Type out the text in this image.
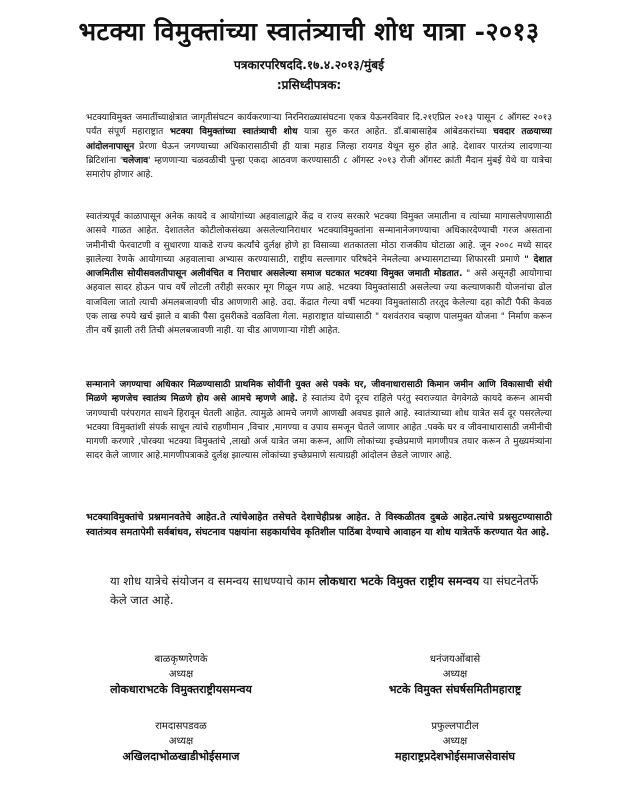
भटक्या विमुक्तांच्या स्वातंत्र्याची शोध यात्रा -२०१३
पत्रकारपरिषददि.१७.४.२०१३/मुंबई
:प्रसिध्दीपत्रक:

भटक्याविमुक्त जमातींच्याक्षेत्रात जागृतीसंघटन कार्यकरणाऱ्या निरनिराळ्यासंघटना एकत्र येऊनरविवार दि.२१एप्रिल २०१३ पासून ८ ऑगस्ट २०१३ पर्यंत संपूर्ण महाराष्ट्रात भटक्या विमुक्तांच्या स्वातंत्र्याची शोध यात्रा सुरु करत आहेत. डॉ.बाबासाहेब आंबेडकरांच्या चवदार तळयाच्या आंदोलनापासून प्रेरणा घेऊन जगण्याच्या अधिकारासाठीची ही यात्रा महाड जिल्हा रायगड येथून सुरु होत आहे. देशावर पारतंत्र्य लादणाऱ्या ब्रिटिशांना 'चलेजाव' म्हणणाऱ्या चळवळीची पुन्हा एकदा आठवण करण्यासाठी ८ ऑगस्ट २०१३ रोजी ऑगस्ट क्रांती मैदान मुंबई येथे या यात्रेचा समारोप होणार आहे.

स्वातंत्र्यपूर्व काळापासून अनेक कायदे व आयोगांच्या अहवालाद्वारे केंद्र व राज्य सरकारे भटक्या विमुक्त जमातीना व त्यांच्या मागासलेपणासाठी आसवे गाळत आहेत. देशातलेत कोटीलोकसंख्या असलेल्यानिराधार भटक्याविमुक्तांना सन्मानानेजगण्याचा अधिकारदेण्याची गरज असताना जमीनीची फेरवाटणी व सुधारणा याकडे राज्य कर्त्यांचे दुर्लक्ष होणे हा विसाव्या शतकातला मोठा राजकीय घोटाळा आहे. जून २००८ मध्ये सादर झालेल्या रेणके आयोगाच्या अहवालाचा अभ्यास करण्यासाठी, राष्ट्रीय सल्लागार परिषदेने नेमलेल्या अभ्यासगटाच्या शिफारसी प्रमाणे " देशात आजमितीस सोयीसवलतीपासून अलीवंचित व निराधार असलेल्या समाज घटकात भटक्या विमुक्त जमाती मोडतात. " असे असूनही आयोगाचा अहवाल सादर होऊन पाच वर्षे लोटली तरीही सरकार मूग गिळून गप्प आहे. भटक्या विमुक्तांसाठी असलेल्या ज्या कल्याणकारी योजनांचा ढोल वाजविला जातो त्याची अंमलबजावणी चीड आणणारी आहे. उदा. केंद्रात गेल्या वर्षी भटक्या विमुक्तांसाठी तरतूद केलेल्या दहा कोटी पैकी केवळ एक लाख रुपये खर्च झाले व बाकी पैसा दुसरीकडे वळविला गेला. महाराष्ट्रात यांच्यासाठी " यशवंतराव चव्हाण पालमुक्त योजना " निर्माण करून तीन वर्षे झाली तरी तिची अंमलबजावणी नाही. या चीड आणणाऱ्या गोष्टी आहेत.

सन्मानाने जगण्याचा अधिकार मिळण्यासाठी प्राथमिक सोयींनी युक्त असे पक्के घर, जीवनाधारासाठी किमान जमीन आणि विकासाची संधी मिळणे म्हणजेच स्वातंत्र्य मिळणे होय असे आमचे म्हणणे आहे. हे स्वातंत्र्य देणे दूरच राहिले परंतु स्वराज्यात वेगवेगळे कायदे करून आमची जगण्याची परंपरागत साधने हिरावून घेतली आहेत. त्यामुळे आमचे जगणे आणखी अवघड झाले आहे. स्वातंत्र्याच्या शोध यात्रेत सर्व दूर पसरलेल्या भटक्या विमुक्तांशी संपर्क साधून त्यांचे राहणीमान ,विचार ,मागण्या व उपाय समजून घेतले जाणार आहेत .पक्के घर व जीवनाधारासाठी जमीनीची मागणी करणारे ,पोरक्या भटक्या विमुक्तांचे ,लाखो अर्ज यात्रेत जमा करून, आणि लोकांच्या इच्छेप्रमाणे मागणीपत्र तयार करून ते मुख्यमंत्र्यांना सादर केले जाणार आहे.मागणीपत्राकडे दुर्लक्ष झाल्यास लोकांच्या इच्छेप्रमाणे सत्याग्रही आंदोलन छेडले जाणार आहे.

भटक्याविमुक्तांचे प्रश्नमानवतेचे आहेत.ते त्यांचेआहेत तसेचते देशाचेहीप्रश्न आहेत. ते विस्कळीतव दुबळे आहेत.त्यांचे प्रश्नसुटण्यासाठी स्वातंत्र्यव समतापेमी सर्वबांधव, संघटनाव पक्षयांना सहकार्याचेव कृतिशील पाठिंबा देण्याचे आवाहन या शोध यात्रेतर्फे करण्यात येत आहे.

या शोध यात्रेचे संयोजन व समन्वय साधण्याचे काम लोकधारा भटके विमुक्त राष्ट्रीय समन्वय या संघटनेतर्फे केले जात आहे.

बाळकृष्णरेणके
अध्यक्ष
लोकधाराभटके विमुक्तराष्ट्रीयसमन्वय
धनंजयओंबासे
अध्यक्ष
भटके विमुक्त संघर्षसमितीमहाराष्ट्र
रामदासपडवळ
अध्यक्ष
अखिलदाभोळखाडीभोईसमाज
प्रफुल्लपाटील
अध्यक्ष
महाराष्ट्रप्रदेशभोईसमाजसेवासंघ
